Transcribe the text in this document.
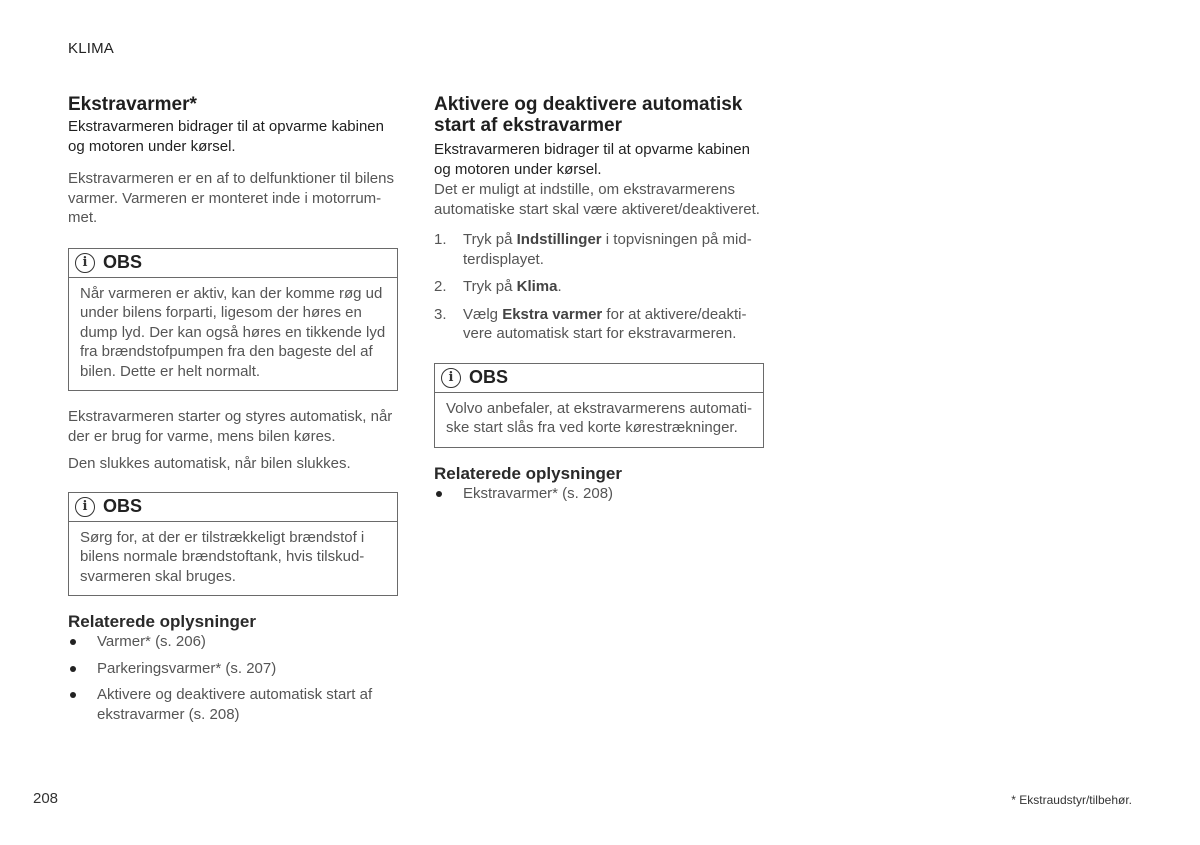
KLIMA
Ekstravarmer*

Ekstravarmeren bidrager til at opvarme kabinen og motoren under kørsel.

Ekstravarmeren er en af to delfunktioner til bilens varmer. Varmeren er monteret inde i motorrum-met.

i OBS
Når varmeren er aktiv, kan der komme røg ud under bilens forparti, ligesom der høres en dump lyd. Der kan også høres en tikkende lyd fra brændstofpumpen fra den bageste del af bilen. Dette er helt normalt.

Ekstravarmeren starter og styres automatisk, når der er brug for varme, mens bilen køres.

Den slukkes automatisk, når bilen slukkes.

i OBS
Sørg for, at der er tilstrækkeligt brændstof i bilens normale brændstoftank, hvis tilskud-svarmeren skal bruges.
Relaterede oplysninger
Varmer* (s. 206)
Parkeringsvarmer* (s. 207)
Aktivere og deaktivere automatisk start af ekstravarmer (s. 208)
Aktivere og deaktivere automatisk start af ekstravarmer

Ekstravarmeren bidrager til at opvarme kabinen og motoren under kørsel.

Det er muligt at indstille, om ekstravarmerens automatiske start skal være aktiveret/deaktiveret.

1.	Tryk på Indstillinger i topvisningen på mid-terdisplayet.
2.	Tryk på Klima.
3.	Vælg Ekstra varmer for at aktivere/deakti-vere automatisk start for ekstravarmeren.
i OBS
Volvo anbefaler, at ekstravarmerens automati-ske start slås fra ved korte kørestrækninger.
Relaterede oplysninger
Ekstravarmer* (s. 208)
208	* Ekstraudstyr/tilbehør.
